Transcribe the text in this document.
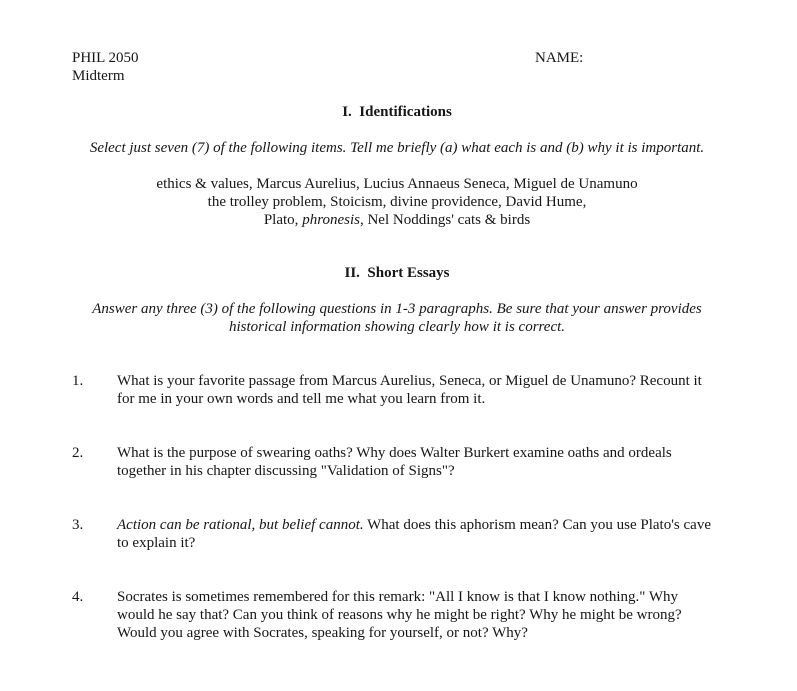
PHIL 2050
Midterm
NAME:
I.  Identifications
Select just seven (7) of the following items. Tell me briefly (a) what each is and (b) why it is important.
ethics & values, Marcus Aurelius, Lucius Annaeus Seneca, Miguel de Unamuno
the trolley problem, Stoicism, divine providence, David Hume,
Plato, phronesis, Nel Noddings' cats & birds
II.  Short Essays
Answer any three (3) of the following questions in 1-3 paragraphs. Be sure that your answer provides
historical information showing clearly how it is correct.
1.	What is your favorite passage from Marcus Aurelius, Seneca, or Miguel de Unamuno? Recount it for me in your own words and tell me what you learn from it.
2.	What is the purpose of swearing oaths? Why does Walter Burkert examine oaths and ordeals together in his chapter discussing "Validation of Signs"?
3.	Action can be rational, but belief cannot. What does this aphorism mean? Can you use Plato's cave to explain it?
4.	Socrates is sometimes remembered for this remark: "All I know is that I know nothing." Why would he say that? Can you think of reasons why he might be right? Why he might be wrong? Would you agree with Socrates, speaking for yourself, or not? Why?
